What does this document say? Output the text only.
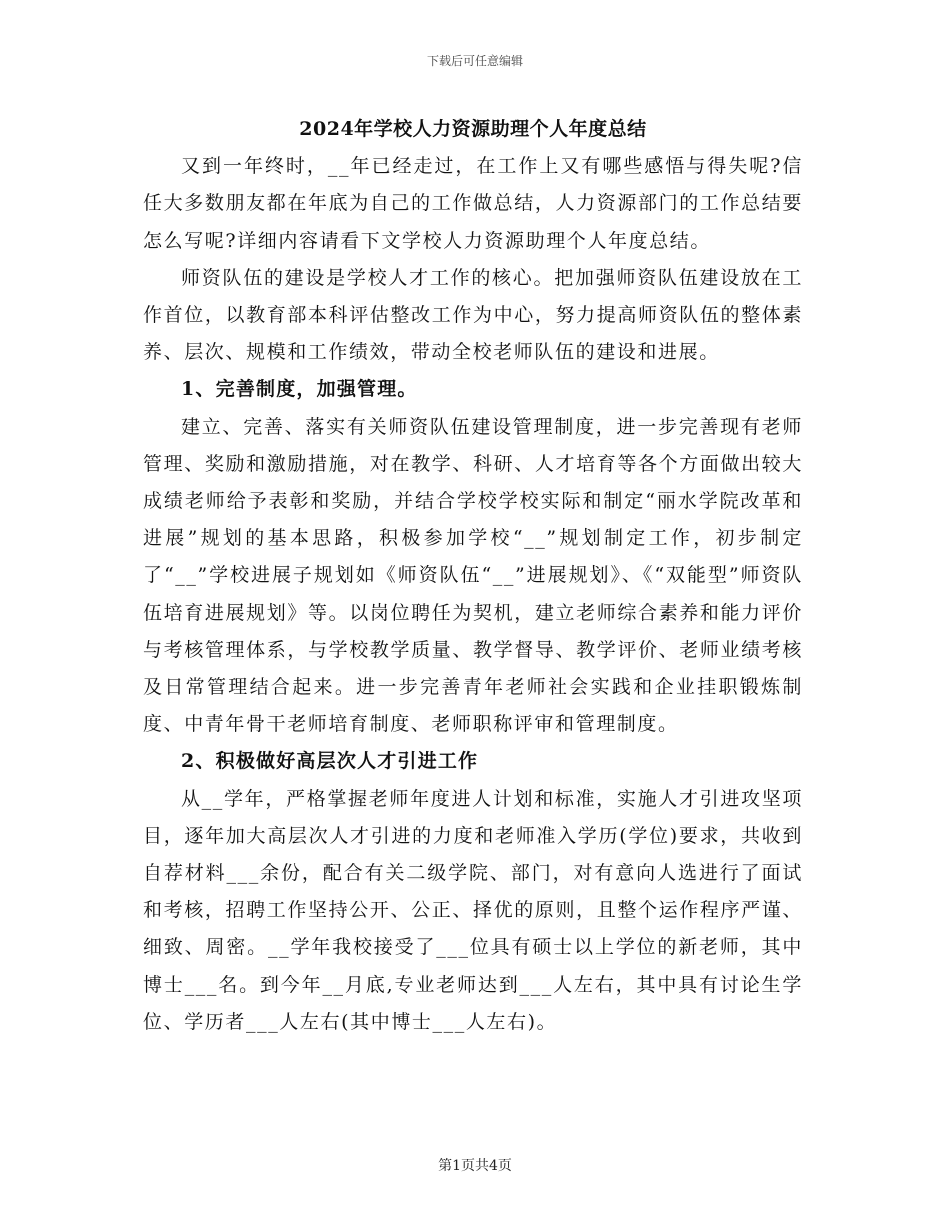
下载后可任意编辑
2024年学校人力资源助理个人年度总结

又到一年终时，__年已经走过，在工作上又有哪些感悟与得失呢?信任大多数朋友都在年底为自己的工作做总结，人力资源部门的工作总结要怎么写呢?详细内容请看下文学校人力资源助理个人年度总结。

师资队伍的建设是学校人才工作的核心。把加强师资队伍建设放在工作首位，以教育部本科评估整改工作为中心，努力提高师资队伍的整体素养、层次、规模和工作绩效，带动全校老师队伍的建设和进展。

1、完善制度，加强管理。

建立、完善、落实有关师资队伍建设管理制度，进一步完善现有老师管理、奖励和激励措施，对在教学、科研、人才培育等各个方面做出较大成绩老师给予表彰和奖励，并结合学校学校实际和制定“丽水学院改革和进展”规划的基本思路，积极参加学校“__”规划制定工作，初步制定了“__”学校进展子规划如《师资队伍“__”进展规划》、《“双能型”师资队伍培育进展规划》等。以岗位聘任为契机，建立老师综合素养和能力评价与考核管理体系，与学校教学质量、教学督导、教学评价、老师业绩考核及日常管理结合起来。进一步完善青年老师社会实践和企业挂职锻炼制度、中青年骨干老师培育制度、老师职称评审和管理制度。

2、积极做好高层次人才引进工作

从__学年，严格掌握老师年度进人计划和标准，实施人才引进攻坚项目，逐年加大高层次人才引进的力度和老师准入学历(学位)要求，共收到自荐材料___余份，配合有关二级学院、部门，对有意向人选进行了面试和考核，招聘工作坚持公开、公正、择优的原则，且整个运作程序严谨、细致、周密。__学年我校接受了___位具有硕士以上学位的新老师，其中博士___名。到今年__月底,专业老师达到___人左右，其中具有讨论生学位、学历者___人左右(其中博士___人左右)。

第1页共4页
